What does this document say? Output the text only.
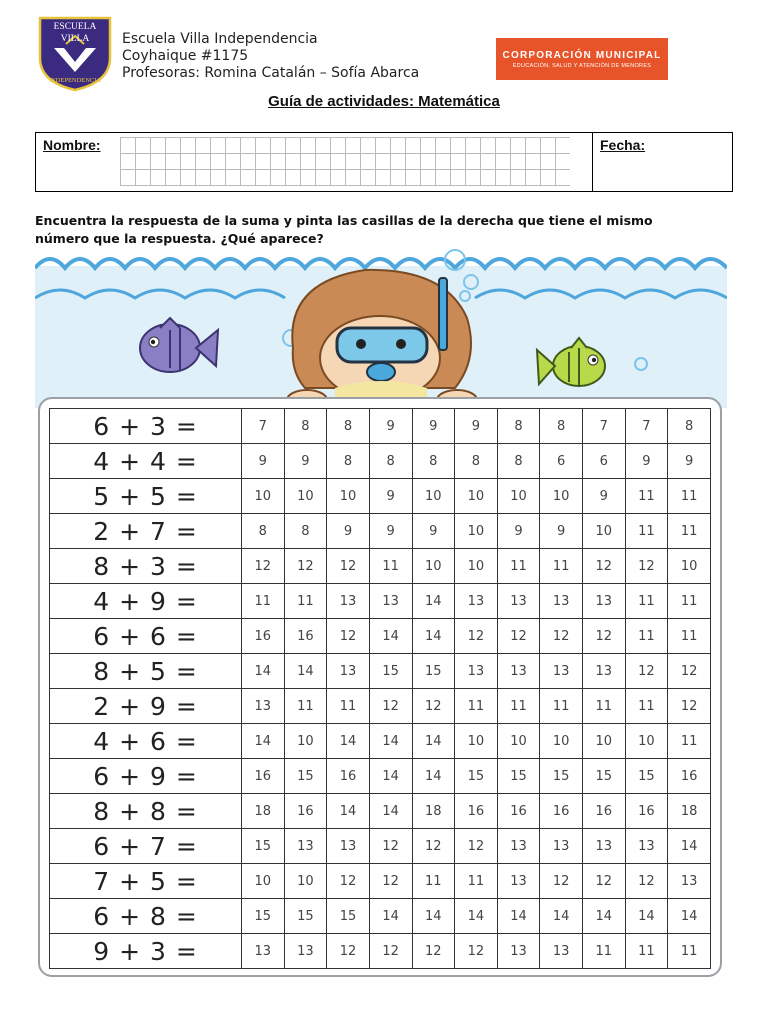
ESCUELA
VILLA
INDEPENDENCIA
Escuela Villa Independencia
Coyhaique #1175
Profesoras: Romina Catalán – Sofía Abarca
CORPORACIÓN MUNICIPAL
EDUCACIÓN, SALUD Y ATENCIÓN DE MENORES
Guía de actividades: Matemática
Nombre:	Fecha:
Encuentra la respuesta de la suma y pinta las casillas de la derecha que tiene el mismo número que la respuesta. ¿Qué aparece?
6 + 3 =	7	8	8	9	9	9	8	8	7	7	8
4 + 4 =	9	9	8	8	8	8	8	6	6	9	9
5 + 5 =	10	10	10	9	10	10	10	10	9	11	11
2 + 7 =	8	8	9	9	9	10	9	9	10	11	11
8 + 3 =	12	12	12	11	10	10	11	11	12	12	10
4 + 9 =	11	11	13	13	14	13	13	13	13	11	11
6 + 6 =	16	16	12	14	14	12	12	12	12	11	11
8 + 5 =	14	14	13	15	15	13	13	13	13	12	12
2 + 9 =	13	11	11	12	12	11	11	11	11	11	12
4 + 6 =	14	10	14	14	14	10	10	10	10	10	11
6 + 9 =	16	15	16	14	14	15	15	15	15	15	16
8 + 8 =	18	16	14	14	18	16	16	16	16	16	18
6 + 7 =	15	13	13	12	12	12	13	13	13	13	14
7 + 5 =	10	10	12	12	11	11	13	12	12	12	13
6 + 8 =	15	15	15	14	14	14	14	14	14	14	14
9 + 3 =	13	13	12	12	12	12	13	13	11	11	11
